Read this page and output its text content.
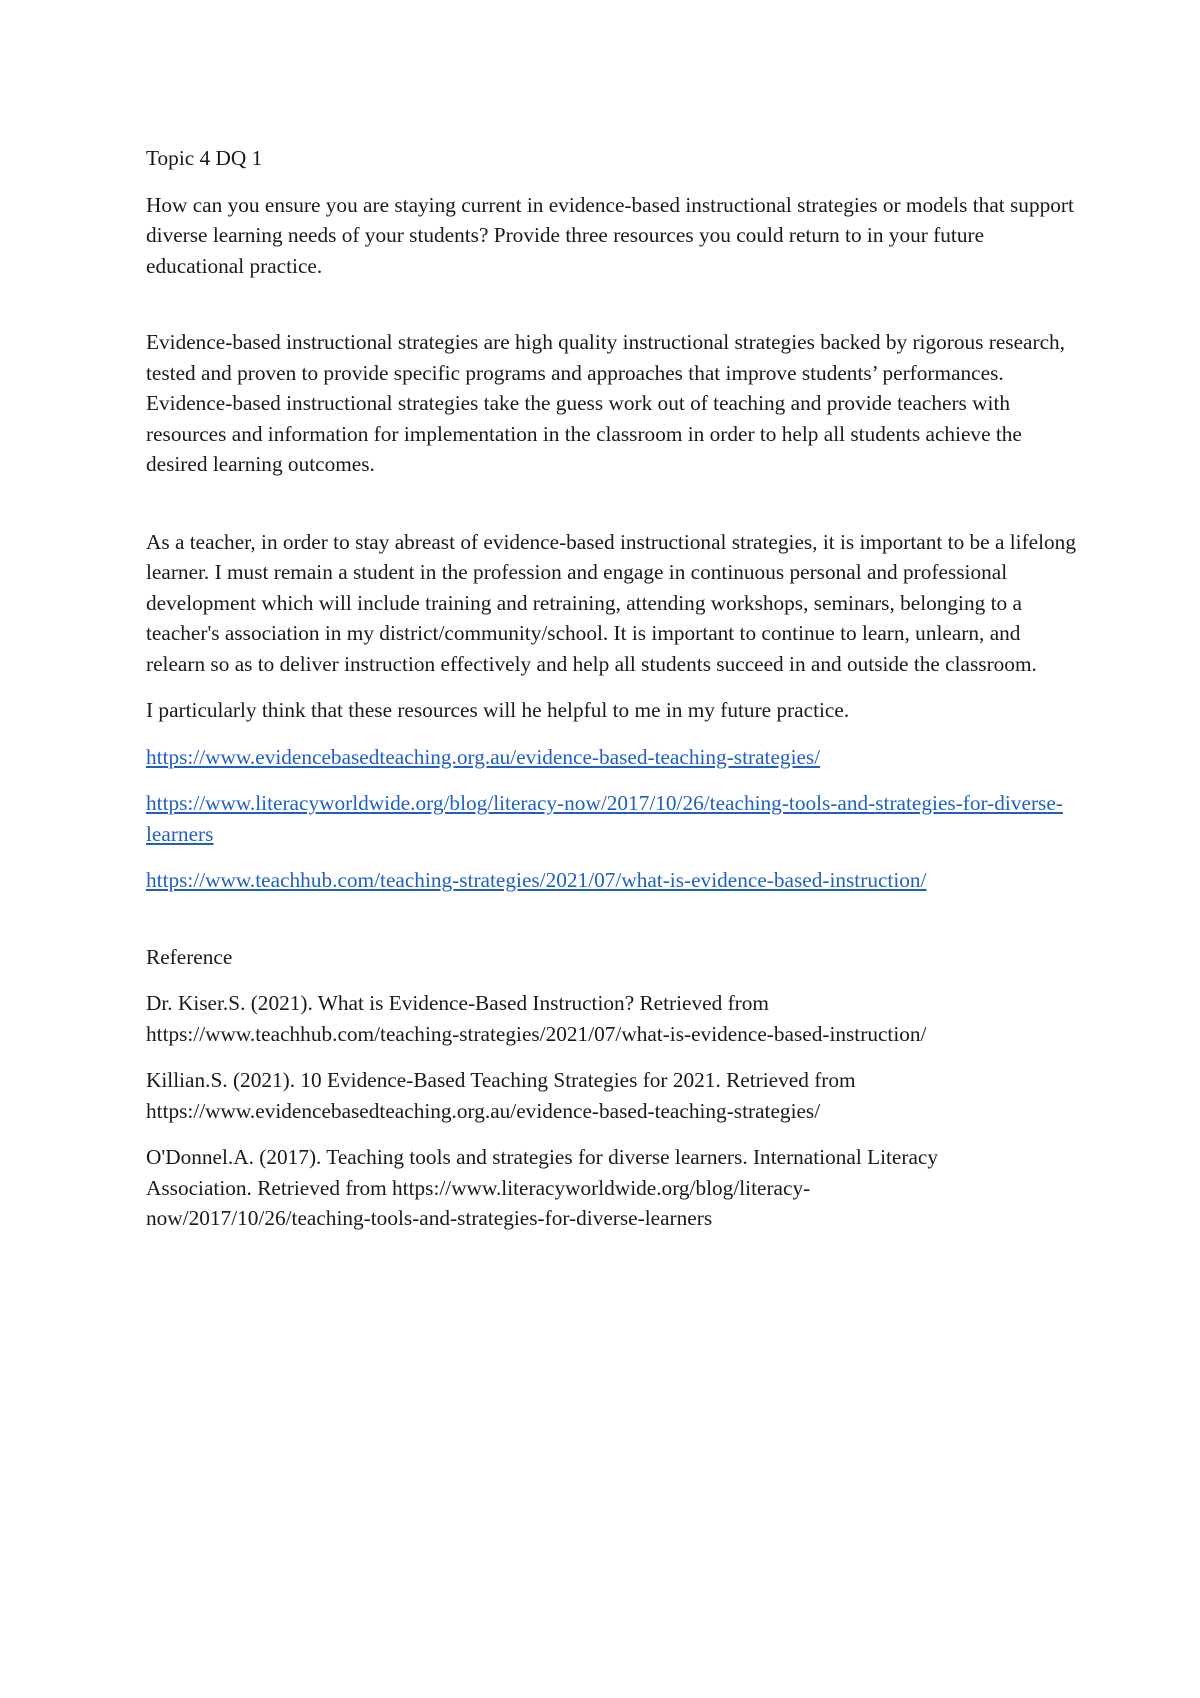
Topic 4 DQ 1

How can you ensure you are staying current in evidence-based instructional strategies or models that support diverse learning needs of your students? Provide three resources you could return to in your future educational practice.

Evidence-based instructional strategies are high quality instructional strategies backed by rigorous research, tested and proven to provide specific programs and approaches that improve students’ performances. Evidence-based instructional strategies take the guess work out of teaching and provide teachers with resources and information for implementation in the classroom in order to help all students achieve the desired learning outcomes.

As a teacher, in order to stay abreast of evidence-based instructional strategies, it is important to be a lifelong learner. I must remain a student in the profession and engage in continuous personal and professional development which will include training and retraining, attending workshops, seminars, belonging to a teacher's association in my district/community/school. It is important to continue to learn, unlearn, and relearn so as to deliver instruction effectively and help all students succeed in and outside the classroom.

I particularly think that these resources will he helpful to me in my future practice.

https://www.evidencebasedteaching.org.au/evidence-based-teaching-strategies/

https://www.literacyworldwide.org/blog/literacy-now/2017/10/26/teaching-tools-and-strategies-for-diverse-learners

https://www.teachhub.com/teaching-strategies/2021/07/what-is-evidence-based-instruction/

Reference

Dr. Kiser.S. (2021). What is Evidence-Based Instruction? Retrieved from
https://www.teachhub.com/teaching-strategies/2021/07/what-is-evidence-based-instruction/

Killian.S. (2021). 10 Evidence-Based Teaching Strategies for 2021. Retrieved from
https://www.evidencebasedteaching.org.au/evidence-based-teaching-strategies/

O'Donnel.A. (2017). Teaching tools and strategies for diverse learners. International Literacy
Association. Retrieved from https://www.literacyworldwide.org/blog/literacy-
now/2017/10/26/teaching-tools-and-strategies-for-diverse-learners
